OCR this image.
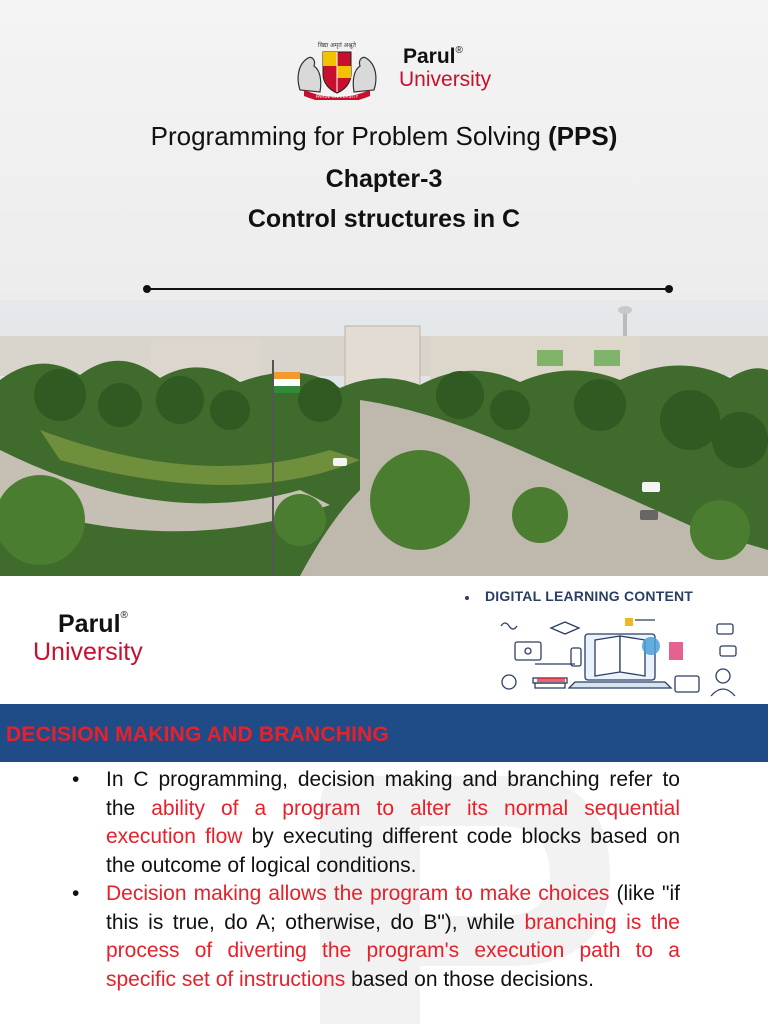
विद्या अमृतं अश्नुते
PARUL UNIVERSITY
Parul®
University
Programming for Problem Solving (PPS)
Chapter-3
Control structures in C
Parul®
University
DIGITAL LEARNING CONTENT
DECISION MAKING AND BRANCHING
• In C programming, decision making and branching refer to the ability of a program to alter its normal sequential execution flow by executing different code blocks based on the outcome of logical conditions.
• Decision making allows the program to make choices (like "if this is true, do A; otherwise, do B"), while branching is the process of diverting the program's execution path to a specific set of instructions based on those decisions.
